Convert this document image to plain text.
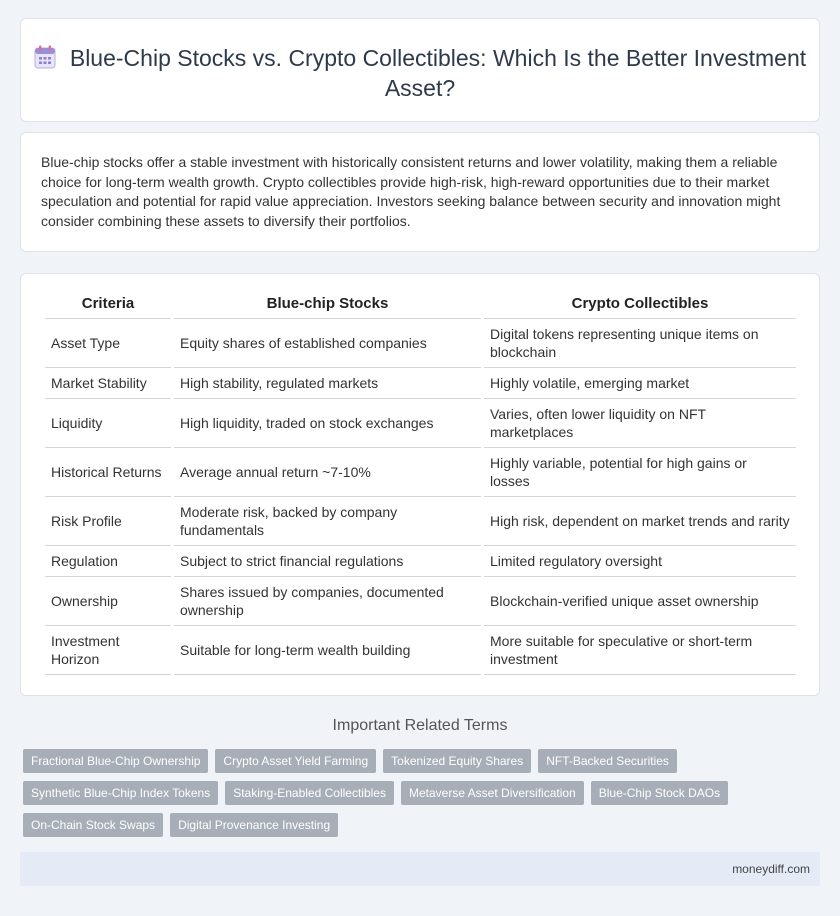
Blue-Chip Stocks vs. Crypto Collectibles: Which Is the Better Investment Asset?

Blue-chip stocks offer a stable investment with historically consistent returns and lower volatility, making them a reliable choice for long-term wealth growth. Crypto collectibles provide high-risk, high-reward opportunities due to their market speculation and potential for rapid value appreciation. Investors seeking balance between security and innovation might consider combining these assets to diversify their portfolios.

Criteria	Blue-chip Stocks	Crypto Collectibles
Asset Type	Equity shares of established companies	Digital tokens representing unique items on blockchain
Market Stability	High stability, regulated markets	Highly volatile, emerging market
Liquidity	High liquidity, traded on stock exchanges	Varies, often lower liquidity on NFT marketplaces
Historical Returns	Average annual return ~7-10%	Highly variable, potential for high gains or losses
Risk Profile	Moderate risk, backed by company fundamentals	High risk, dependent on market trends and rarity
Regulation	Subject to strict financial regulations	Limited regulatory oversight
Ownership	Shares issued by companies, documented ownership	Blockchain-verified unique asset ownership
Investment Horizon	Suitable for long-term wealth building	More suitable for speculative or short-term investment
Important Related Terms
Fractional Blue-Chip Ownership	Crypto Asset Yield Farming	Tokenized Equity Shares	NFT-Backed Securities
Synthetic Blue-Chip Index Tokens	Staking-Enabled Collectibles	Metaverse Asset Diversification	Blue-Chip Stock DAOs
On-Chain Stock Swaps	Digital Provenance Investing
moneydiff.com
